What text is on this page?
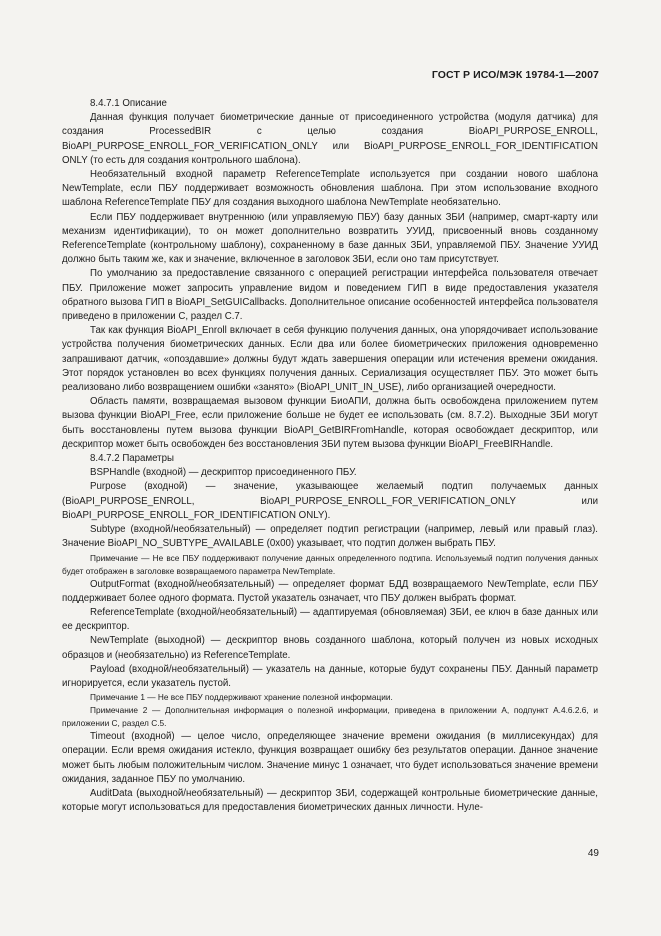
ГОСТ Р ИСО/МЭК 19784-1—2007

8.4.7.1 Описание

Данная функция получает биометрические данные от присоединенного устройства (модуля датчика) для создания ProcessedBIR с целью создания BioAPI_PURPOSE_ENROLL, BioAPI_PURPOSE_ENROLL_FOR_VERIFICATION_ONLY или BioAPI_PURPOSE_ENROLL_FOR_IDENTIFICATION ONLY (то есть для создания контрольного шаблона).

Необязательный входной параметр ReferenceTemplate используется при создании нового шаблона NewTemplate, если ПБУ поддерживает возможность обновления шаблона. При этом использование входного шаблона ReferenceTemplate ПБУ для создания выходного шаблона NewTemplate необязательно.

Если ПБУ поддерживает внутреннюю (или управляемую ПБУ) базу данных ЗБИ (например, смарт-карту или механизм идентификации), то он может дополнительно возвратить УУИД, присвоенный вновь созданному ReferenceTemplate (контрольному шаблону), сохраненному в базе данных ЗБИ, управляемой ПБУ. Значение УУИД должно быть таким же, как и значение, включенное в заголовок ЗБИ, если оно там присутствует.

По умолчанию за предоставление связанного с операцией регистрации интерфейса пользователя отвечает ПБУ. Приложение может запросить управление видом и поведением ГИП в виде предоставления указателя обратного вызова ГИП в BioAPI_SetGUICallbacks. Дополнительное описание особенностей интерфейса пользователя приведено в приложении С, раздел С.7.

Так как функция BioAPI_Enroll включает в себя функцию получения данных, она упорядочивает использование устройства получения биометрических данных. Если два или более биометрических приложения одновременно запрашивают датчик, «опоздавшие» должны будут ждать завершения операции или истечения времени ожидания. Этот порядок установлен во всех функциях получения данных. Сериализация осуществляет ПБУ. Это может быть реализовано либо возвращением ошибки «занято» (BioAPI_UNIT_IN_USE), либо организацией очередности.

Область памяти, возвращаемая вызовом функции БиоАПИ, должна быть освобождена приложением путем вызова функции BioAPI_Free, если приложение больше не будет ее использовать (см. 8.7.2). Выходные ЗБИ могут быть восстановлены путем вызова функции BioAPI_GetBIRFromHandle, которая освобождает дескриптор, или дескриптор может быть освобожден без восстановления ЗБИ путем вызова функции BioAPI_FreeBIRHandle.

8.4.7.2 Параметры

BSPHandle (входной) — дескриптор присоединенного ПБУ.

Purpose (входной) — значение, указывающее желаемый подтип получаемых данных (BioAPI_PURPOSE_ENROLL, BioAPI_PURPOSE_ENROLL_FOR_VERIFICATION_ONLY или BioAPI_PURPOSE_ENROLL_FOR_IDENTIFICATION ONLY).

Subtype (входной/необязательный) — определяет подтип регистрации (например, левый или правый глаз). Значение BioAPI_NO_SUBTYPE_AVAILABLE (0x00) указывает, что подтип должен выбрать ПБУ.

Примечание — Не все ПБУ поддерживают получение данных определенного подтипа. Используемый подтип получения данных будет отображен в заголовке возвращаемого параметра NewTemplate.

OutputFormat (входной/необязательный) — определяет формат БДД возвращаемого NewTemplate, если ПБУ поддерживает более одного формата. Пустой указатель означает, что ПБУ должен выбрать формат.

ReferenceTemplate (входной/необязательный) — адаптируемая (обновляемая) ЗБИ, ее ключ в базе данных или ее дескриптор.

NewTemplate (выходной) — дескриптор вновь созданного шаблона, который получен из новых исходных образцов и (необязательно) из ReferenceTemplate.

Payload (входной/необязательный) — указатель на данные, которые будут сохранены ПБУ. Данный параметр игнорируется, если указатель пустой.

Примечание 1 — Не все ПБУ поддерживают хранение полезной информации.

Примечание 2 — Дополнительная информация о полезной информации, приведена в приложении А, подпункт А.4.6.2.6, и приложении С, раздел С.5.

Timeout (входной) — целое число, определяющее значение времени ожидания (в миллисекундах) для операции. Если время ожидания истекло, функция возвращает ошибку без результатов операции. Данное значение может быть любым положительным числом. Значение минус 1 означает, что будет использоваться значение времени ожидания, заданное ПБУ по умолчанию.

AuditData (выходной/необязательный) — дескриптор ЗБИ, содержащей контрольные биометрические данные, которые могут использоваться для предоставления биометрических данных личности. Нуле-

49
